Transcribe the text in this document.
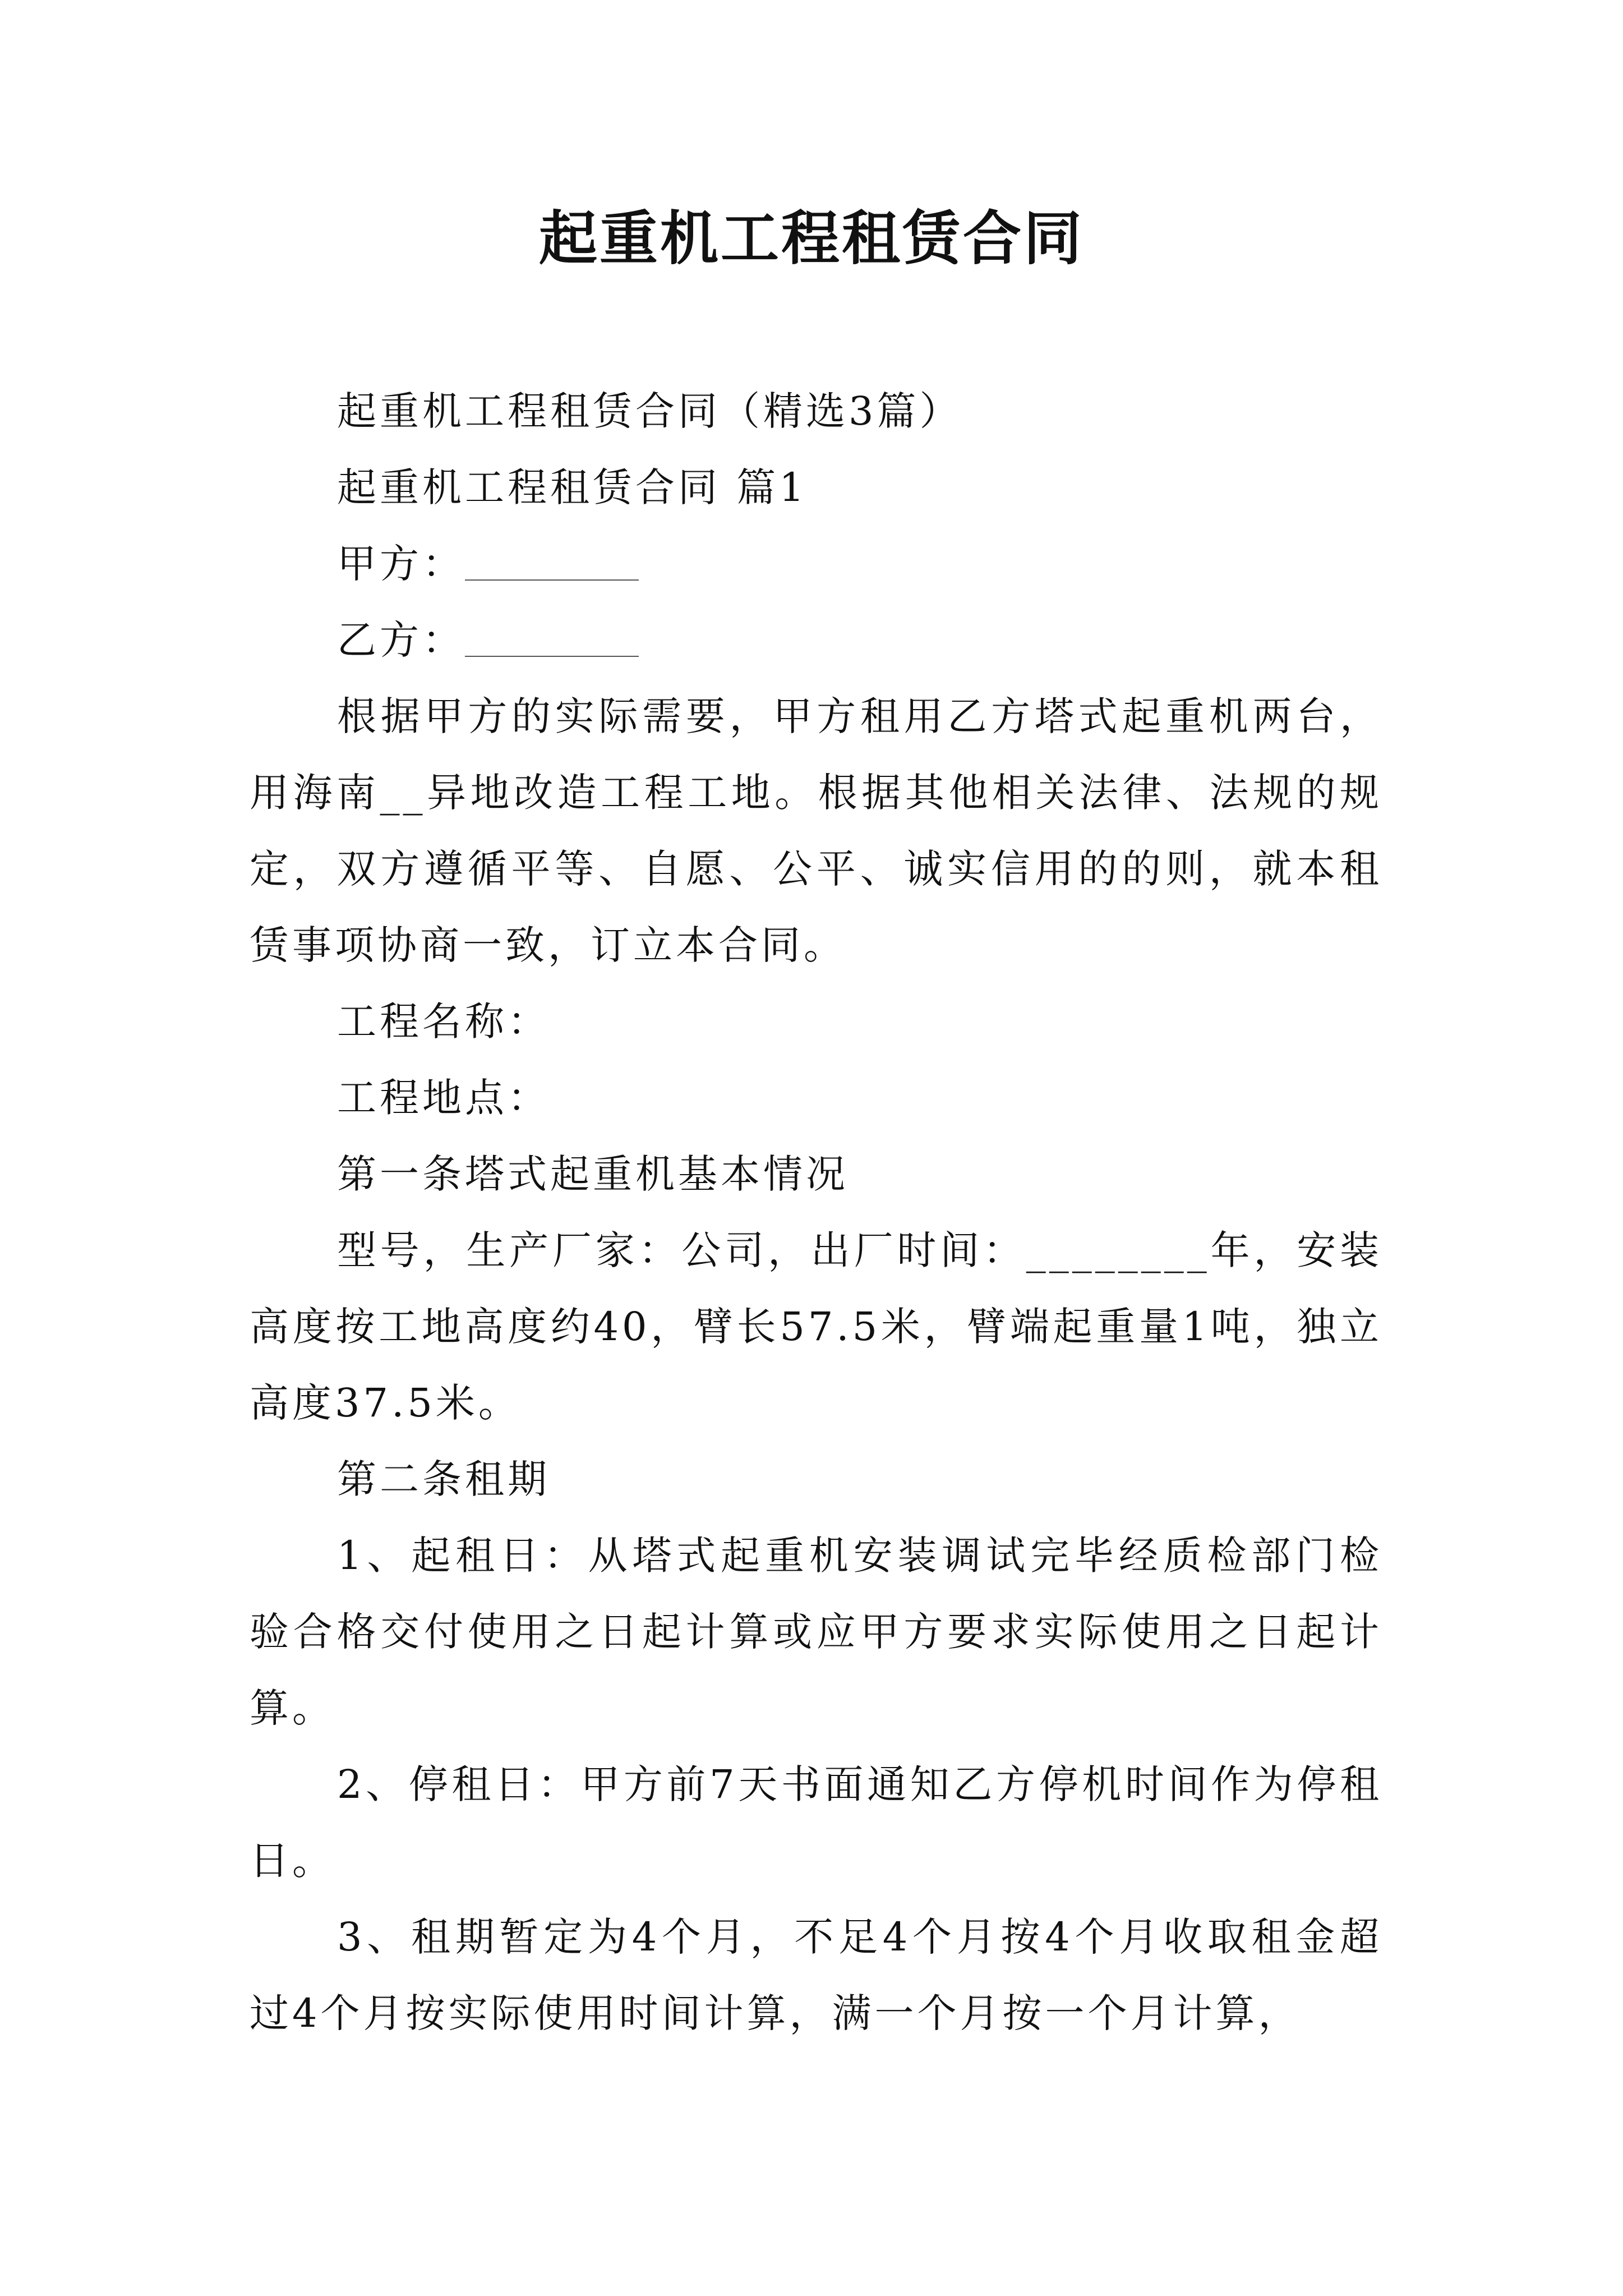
起重机工程租赁合同

起重机工程租赁合同（精选3篇）

起重机工程租赁合同 篇1

甲方：

乙方：

根据甲方的实际需要，甲方租用乙方塔式起重机两台，用海南__异地改造工程工地。根据其他相关法律、法规的规定，双方遵循平等、自愿、公平、诚实信用的的则，就本租赁事项协商一致，订立本合同。

工程名称：

工程地点：

第一条塔式起重机基本情况

型号，生产厂家：公司，出厂时间：________年，安装高度按工地高度约40，臂长57.5米，臂端起重量1吨，独立高度37.5米。

第二条租期

1、起租日：从塔式起重机安装调试完毕经质检部门检验合格交付使用之日起计算或应甲方要求实际使用之日起计算。

2、停租日：甲方前7天书面通知乙方停机时间作为停租日。

3、租期暂定为4个月，不足4个月按4个月收取租金超过4个月按实际使用时间计算，满一个月按一个月计算，
